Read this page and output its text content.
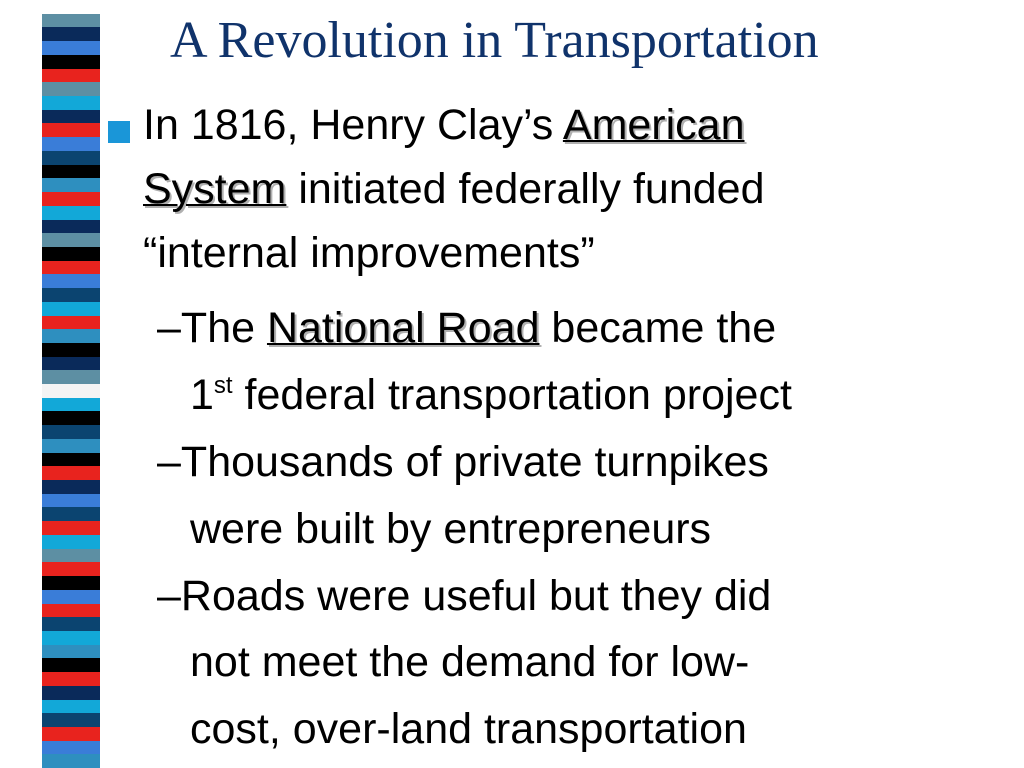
A Revolution in Transportation
In 1816, Henry Clay’s American
System initiated federally funded
“internal improvements”
–The National Road became the
1st federal transportation project
–Thousands of private turnpikes
were built by entrepreneurs
–Roads were useful but they did
not meet the demand for low-
cost, over-land transportation
